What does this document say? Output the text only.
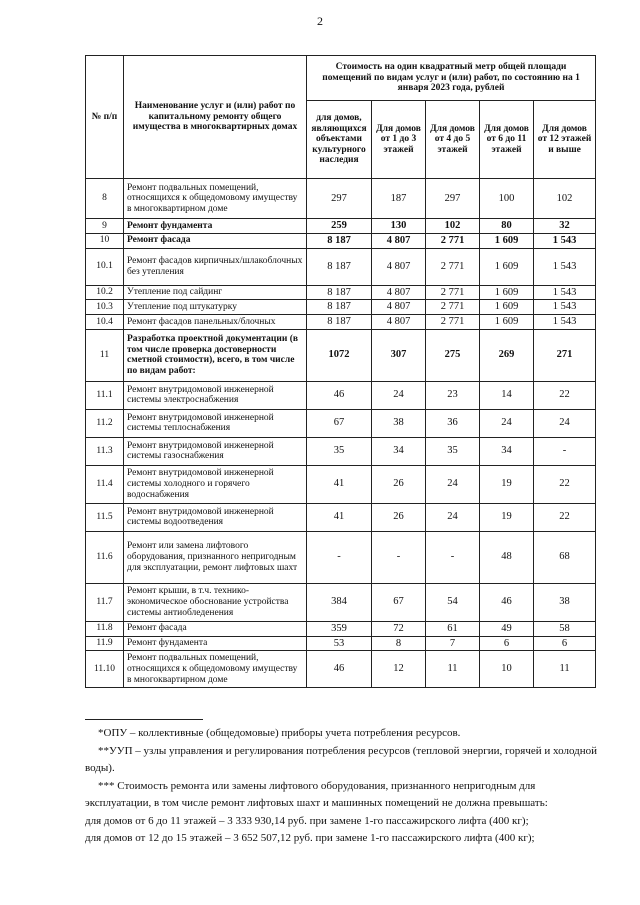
2
№ п/п	Наименование услуг и (или) работ по капитальному ремонту общего имущества в многоквартирных домах	Стоимость на один квадратный метр общей площади помещений по видам услуг и (или) работ, по состоянию на 1 января 2023 года, рублей				
		для домов, являющихся объектами культурного наследия	Для домов от 1 до 3 этажей	Для домов от 4 до 5 этажей	Для домов от 6 до 11 этажей	Для домов от 12 этажей и выше
8	Ремонт подвальных помещений, относящихся к общедомовому имуществу в многоквартирном доме	297	187	297	100	102
9	Ремонт фундамента	259	130	102	80	32
10	Ремонт фасада	8 187	4 807	2 771	1 609	1 543
10.1	Ремонт фасадов кирпичных/шлакоблочных без утепления	8 187	4 807	2 771	1 609	1 543
10.2	Утепление под сайдинг	8 187	4 807	2 771	1 609	1 543
10.3	Утепление под штукатурку	8 187	4 807	2 771	1 609	1 543
10.4	Ремонт фасадов панельных/блочных	8 187	4 807	2 771	1 609	1 543
11	Разработка проектной документации (в том числе проверка достоверности сметной стоимости), всего, в том числе по видам работ:	1072	307	275	269	271
11.1	Ремонт внутридомовой инженерной системы электроснабжения	46	24	23	14	22
11.2	Ремонт внутридомовой инженерной системы теплоснабжения	67	38	36	24	24
11.3	Ремонт внутридомовой инженерной системы газоснабжения	35	34	35	34	-
11.4	Ремонт внутридомовой инженерной системы холодного и горячего водоснабжения	41	26	24	19	22
11.5	Ремонт внутридомовой инженерной системы водоотведения	41	26	24	19	22
11.6	Ремонт или замена лифтового оборудования, признанного непригодным для эксплуатации, ремонт лифтовых шахт	-	-	-	48	68
11.7	Ремонт крыши, в т.ч. технико-экономическое обоснование устройства системы антиобледенения	384	67	54	46	38
11.8	Ремонт фасада	359	72	61	49	58
11.9	Ремонт фундамента	53	8	7	6	6
11.10	Ремонт подвальных помещений, относящихся к общедомовому имуществу в многоквартирном доме	46	12	11	10	11

*ОПУ – коллективные (общедомовые) приборы учета потребления ресурсов.

**УУП – узлы управления и регулирования потребления ресурсов (тепловой энергии, горячей и холодной воды).

*** Стоимость ремонта или замены лифтового оборудования, признанного непригодным для эксплуатации, в том числе ремонт лифтовых шахт и машинных помещений не должна превышать:

для домов от 6 до 11 этажей – 3 333 930,14 руб. при замене 1-го пассажирского лифта (400 кг);

для домов от 12 до 15 этажей – 3 652 507,12 руб. при замене 1-го пассажирского лифта (400 кг);
